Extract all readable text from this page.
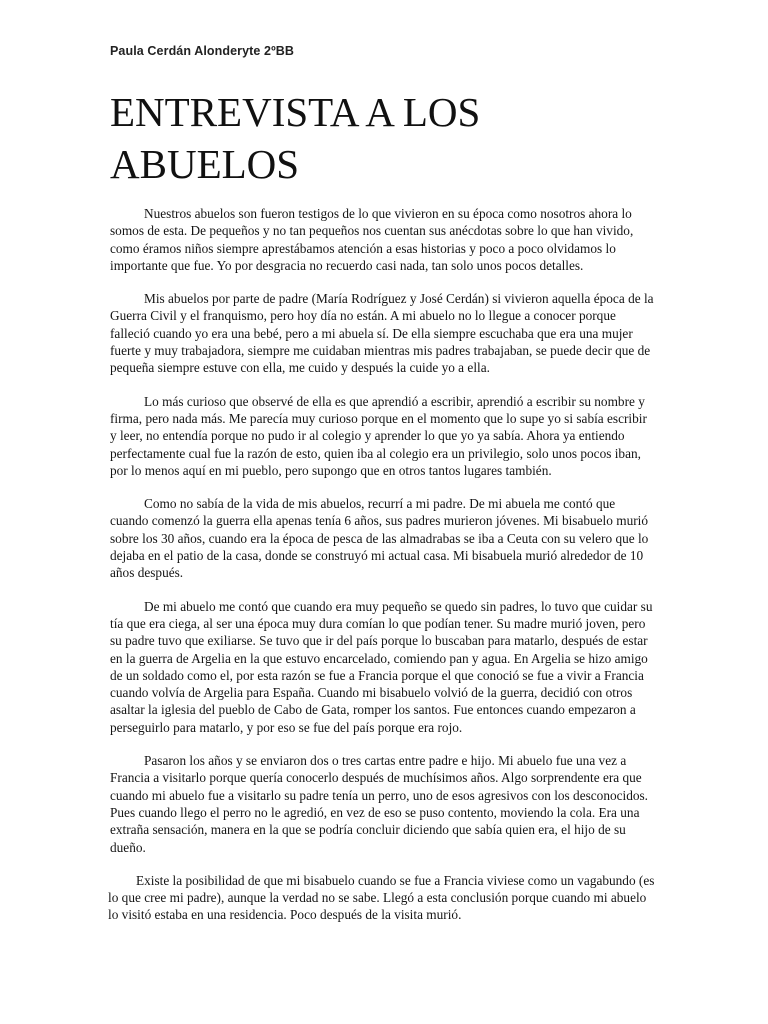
Paula Cerdán Alonderyte 2ºBB
ENTREVISTA A LOS ABUELOS

Nuestros abuelos son fueron testigos de lo que vivieron en su época como nosotros ahora lo somos de esta. De pequeños y no tan pequeños nos cuentan sus anécdotas sobre lo que han vivido, como éramos niños siempre aprestábamos atención a esas historias y poco a poco olvidamos lo importante que fue. Yo por desgracia no recuerdo casi nada, tan solo unos pocos detalles.

Mis abuelos por parte de padre (María Rodríguez y José Cerdán) si vivieron aquella época de la Guerra Civil y el franquismo, pero hoy día no están. A mi abuelo no lo llegue a conocer porque falleció cuando yo era una bebé, pero a mi abuela sí. De ella siempre escuchaba que era una mujer fuerte y muy trabajadora, siempre me cuidaban mientras mis padres trabajaban, se puede decir que de pequeña siempre estuve con ella, me cuido y después la cuide yo a ella.

Lo más curioso que observé de ella es que aprendió a escribir, aprendió a escribir su nombre y firma, pero nada más. Me parecía muy curioso porque en el momento que lo supe yo si sabía escribir y leer, no entendía porque no pudo ir al colegio y aprender lo que yo ya sabía. Ahora ya entiendo perfectamente cual fue la razón de esto, quien iba al colegio era un privilegio, solo unos pocos iban, por lo menos aquí en mi pueblo, pero supongo que en otros tantos lugares también.

Como no sabía de la vida de mis abuelos, recurrí a mi padre. De mi abuela me contó que cuando comenzó la guerra ella apenas tenía 6 años, sus padres murieron jóvenes. Mi bisabuelo murió sobre los 30 años, cuando era la época de pesca de las almadrabas se iba a Ceuta con su velero que lo dejaba en el patio de la casa, donde se construyó mi actual casa. Mi bisabuela murió alrededor de 10 años después.

De mi abuelo me contó que cuando era muy pequeño se quedo sin padres, lo tuvo que cuidar su tía que era ciega, al ser una época muy dura comían lo que podían tener. Su madre murió joven, pero su padre tuvo que exiliarse. Se tuvo que ir del país porque lo buscaban para matarlo, después de estar en la guerra de Argelia en la que estuvo encarcelado, comiendo pan y agua. En Argelia se hizo amigo de un soldado como el, por esta razón se fue a Francia porque el que conoció se fue a vivir a Francia cuando volvía de Argelia para España. Cuando mi bisabuelo volvió de la guerra, decidió con otros asaltar la iglesia del pueblo de Cabo de Gata, romper los santos. Fue entonces cuando empezaron a perseguirlo para matarlo, y por eso se fue del país porque era rojo.

Pasaron los años y se enviaron dos o tres cartas entre padre e hijo. Mi abuelo fue una vez a Francia a visitarlo porque quería conocerlo después de muchísimos años. Algo sorprendente era que cuando mi abuelo fue a visitarlo su padre tenía un perro, uno de esos agresivos con los desconocidos. Pues cuando llego el perro no le agredió, en vez de eso se puso contento, moviendo la cola. Era una extraña sensación, manera en la que se podría concluir diciendo que sabía quien era, el hijo de su dueño.

Existe la posibilidad de que mi bisabuelo cuando se fue a Francia viviese como un vagabundo (es lo que cree mi padre), aunque la verdad no se sabe. Llegó a esta conclusión porque cuando mi abuelo lo visitó estaba en una residencia. Poco después de la visita murió.
